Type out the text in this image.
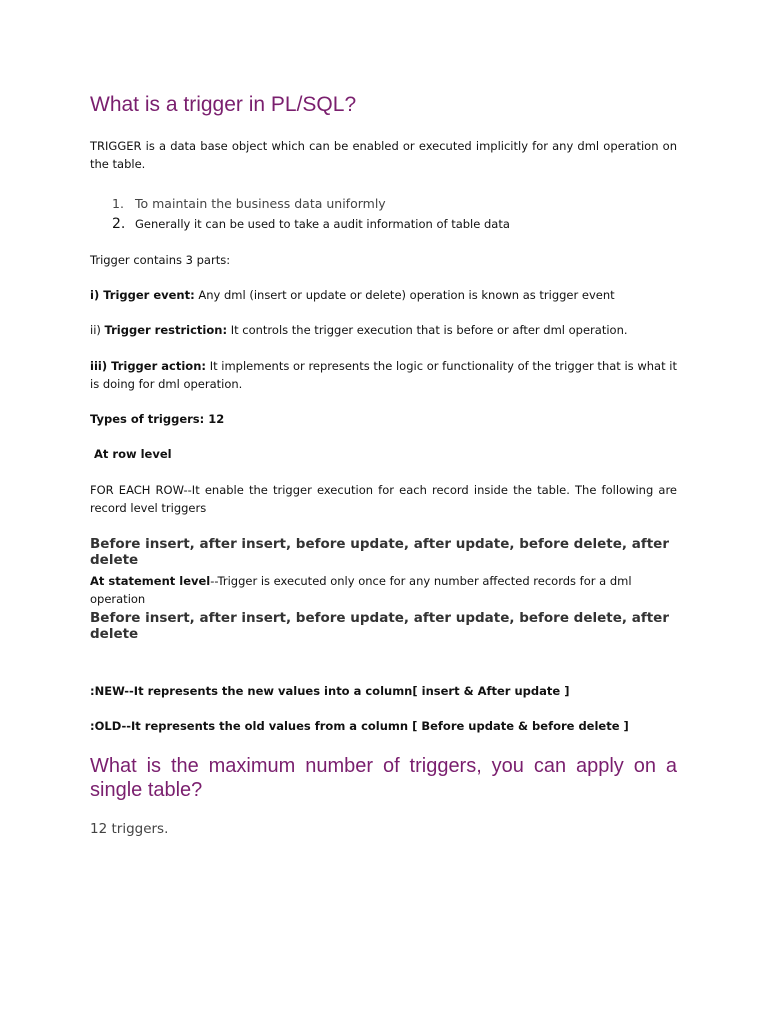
What is a trigger in PL/SQL?

TRIGGER is a data base object which can be enabled or executed implicitly for any dml operation on the table.

1. To maintain the business data uniformly
2. Generally it can be used to take a audit information of table data

Trigger contains 3 parts:

i) Trigger event: Any dml (insert or update or delete) operation is known as trigger event

ii) Trigger restriction: It controls the trigger execution that is before or after dml operation.

iii) Trigger action: It implements or represents the logic or functionality of the trigger that is what it is doing for dml operation.

Types of triggers: 12

At row level

FOR EACH ROW--It enable the trigger execution for each record inside the table. The following are record level triggers

Before insert, after insert, before update, after update, before delete, after delete

At statement level--Trigger is executed only once for any number affected records for a dml operation

Before insert, after insert, before update, after update, before delete, after delete

:NEW--It represents the new values into a column[ insert & After update ]

:OLD--It represents the old values from a column [ Before update & before delete ]

What is the maximum number of triggers, you can apply on a single table?

12 triggers.
